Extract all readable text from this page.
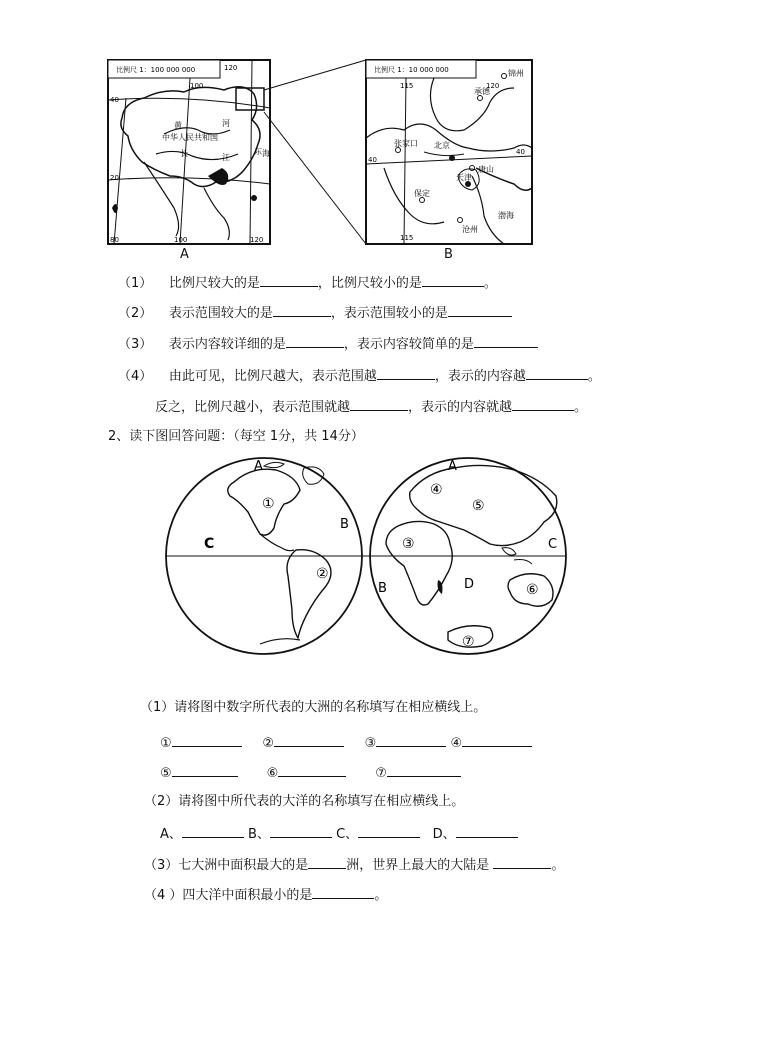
比例尺 1：100 000 000
中华人民共和国
黄	河
长	江
东 海
40
20
120
100
80	100	120
A
比例尺 1：10 000 000
张家口 北京
承德
唐山
天津
保定
沧州
锦州
渤海
40
40
115	120
115
B
（1） 比例尺较大的是	，比例尺较小的是	。
（2） 表示范围较大的是	，表示范围较小的是
（3） 表示内容较详细的是	，表示内容较简单的是
（4） 由此可见，比例尺越大，表示范围越	，表示的内容越	。
反之，比例尺越小，表示范围就越	，表示的内容就越	。
2、读下图回答问题：（每空 1分，共 14分）
A
B
C
A
B
C
D
①
②
③
④
⑤
⑥
⑦
（1）请将图中数字所代表的大洲的名称填写在相应横线上。
①	②	③	④
⑤	⑥	⑦
（2）请将图中所代表的大洋的名称填写在相应横线上。
A、	B、	C、	D、
（3）七大洲中面积最大的是	洲，世界上最大的大陆是	。
（4 ）四大洋中面积最小的是	。
